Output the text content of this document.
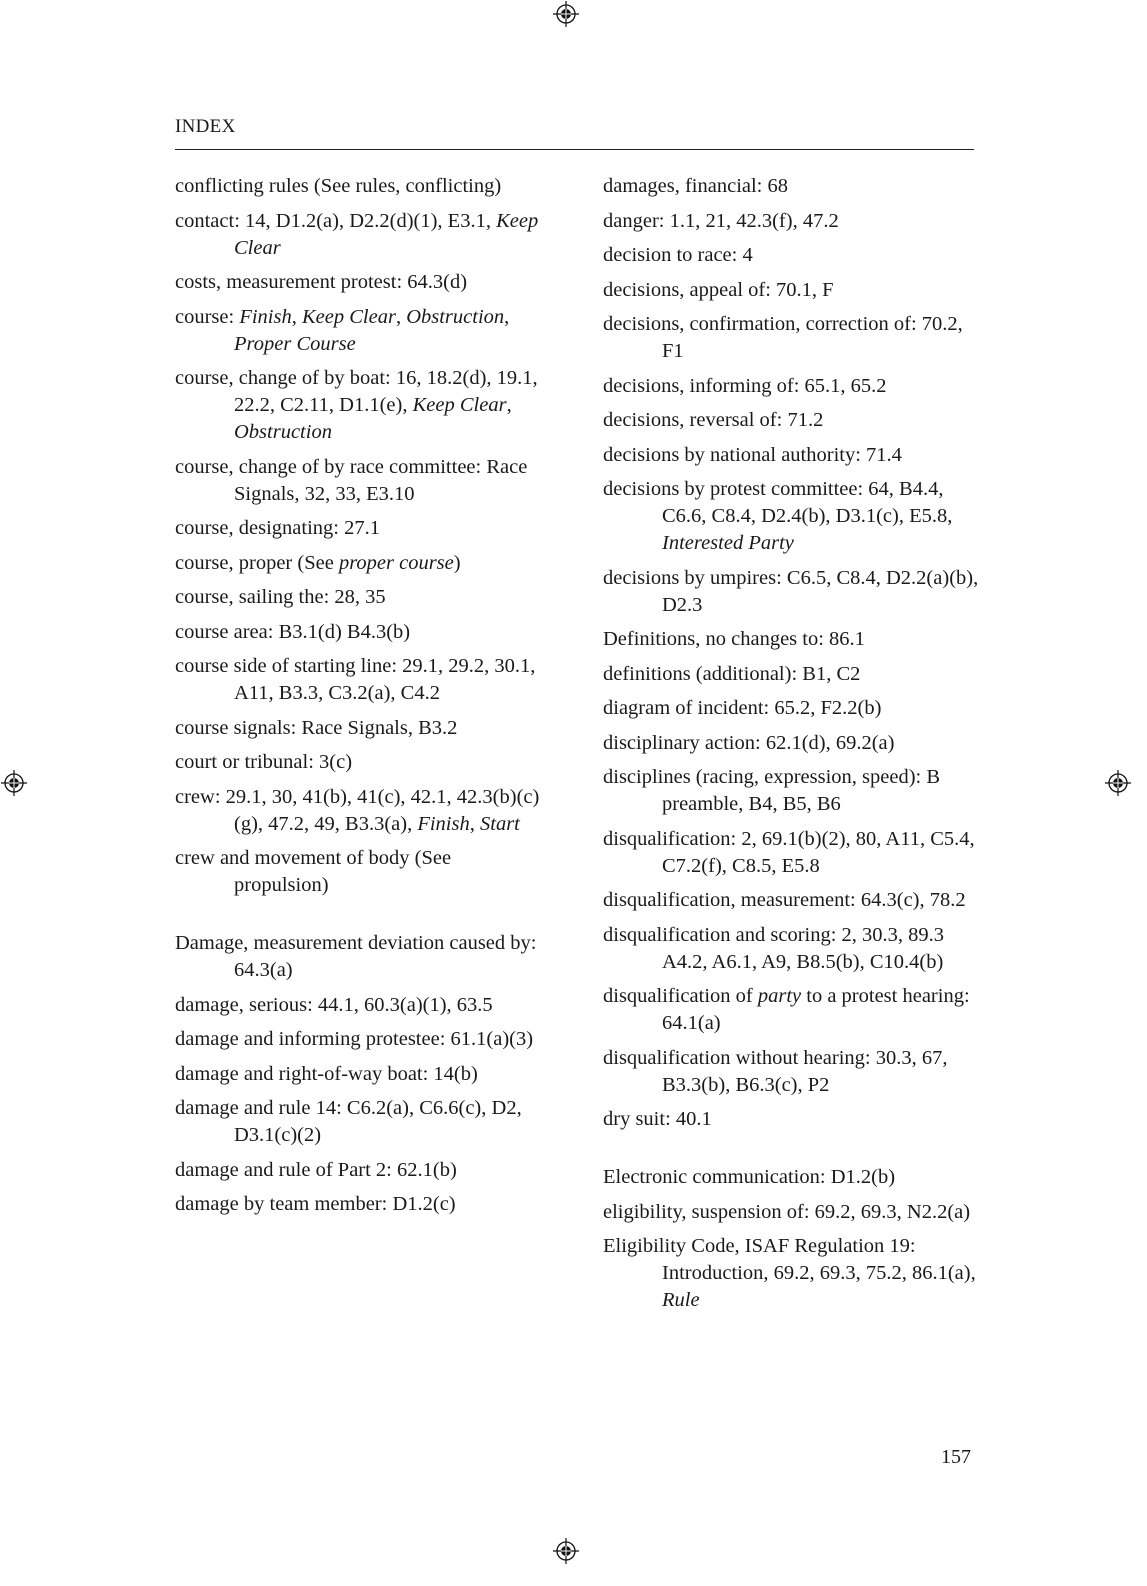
INDEX
conflicting rules (See rules, conflicting)
contact: 14, D1.2(a), D2.2(d)(1), E3.1, Keep Clear
costs, measurement protest: 64.3(d)
course: Finish, Keep Clear, Obstruction, Proper Course
course, change of by boat: 16, 18.2(d), 19.1, 22.2, C2.11, D1.1(e), Keep Clear, Obstruction
course, change of by race committee: Race Signals, 32, 33, E3.10
course, designating: 27.1
course, proper (See proper course)
course, sailing the: 28, 35
course area: B3.1(d) B4.3(b)
course side of starting line: 29.1, 29.2, 30.1, A11, B3.3, C3.2(a), C4.2
course signals: Race Signals, B3.2
court or tribunal: 3(c)
crew: 29.1, 30, 41(b), 41(c), 42.1, 42.3(b)(c)(g), 47.2, 49, B3.3(a), Finish, Start
crew and movement of body (See propulsion)
Damage, measurement deviation caused by: 64.3(a)
damage, serious: 44.1, 60.3(a)(1), 63.5
damage and informing protestee: 61.1(a)(3)
damage and right-of-way boat: 14(b)
damage and rule 14: C6.2(a), C6.6(c), D2, D3.1(c)(2)
damage and rule of Part 2: 62.1(b)
damage by team member: D1.2(c)
damages, financial: 68
danger: 1.1, 21, 42.3(f), 47.2
decision to race: 4
decisions, appeal of: 70.1, F
decisions, confirmation, correction of: 70.2, F1
decisions, informing of: 65.1, 65.2
decisions, reversal of: 71.2
decisions by national authority: 71.4
decisions by protest committee: 64, B4.4, C6.6, C8.4, D2.4(b), D3.1(c), E5.8, Interested Party
decisions by umpires: C6.5, C8.4, D2.2(a)(b), D2.3
Definitions, no changes to: 86.1
definitions (additional): B1, C2
diagram of incident: 65.2, F2.2(b)
disciplinary action: 62.1(d), 69.2(a)
disciplines (racing, expression, speed): B preamble, B4, B5, B6
disqualification: 2, 69.1(b)(2), 80, A11, C5.4, C7.2(f), C8.5, E5.8
disqualification, measurement: 64.3(c), 78.2
disqualification and scoring: 2, 30.3, 89.3 A4.2, A6.1, A9, B8.5(b), C10.4(b)
disqualification of party to a protest hearing: 64.1(a)
disqualification without hearing: 30.3, 67, B3.3(b), B6.3(c), P2
dry suit: 40.1
Electronic communication: D1.2(b)
eligibility, suspension of: 69.2, 69.3, N2.2(a)
Eligibility Code, ISAF Regulation 19: Introduction, 69.2, 69.3, 75.2, 86.1(a), Rule
157
